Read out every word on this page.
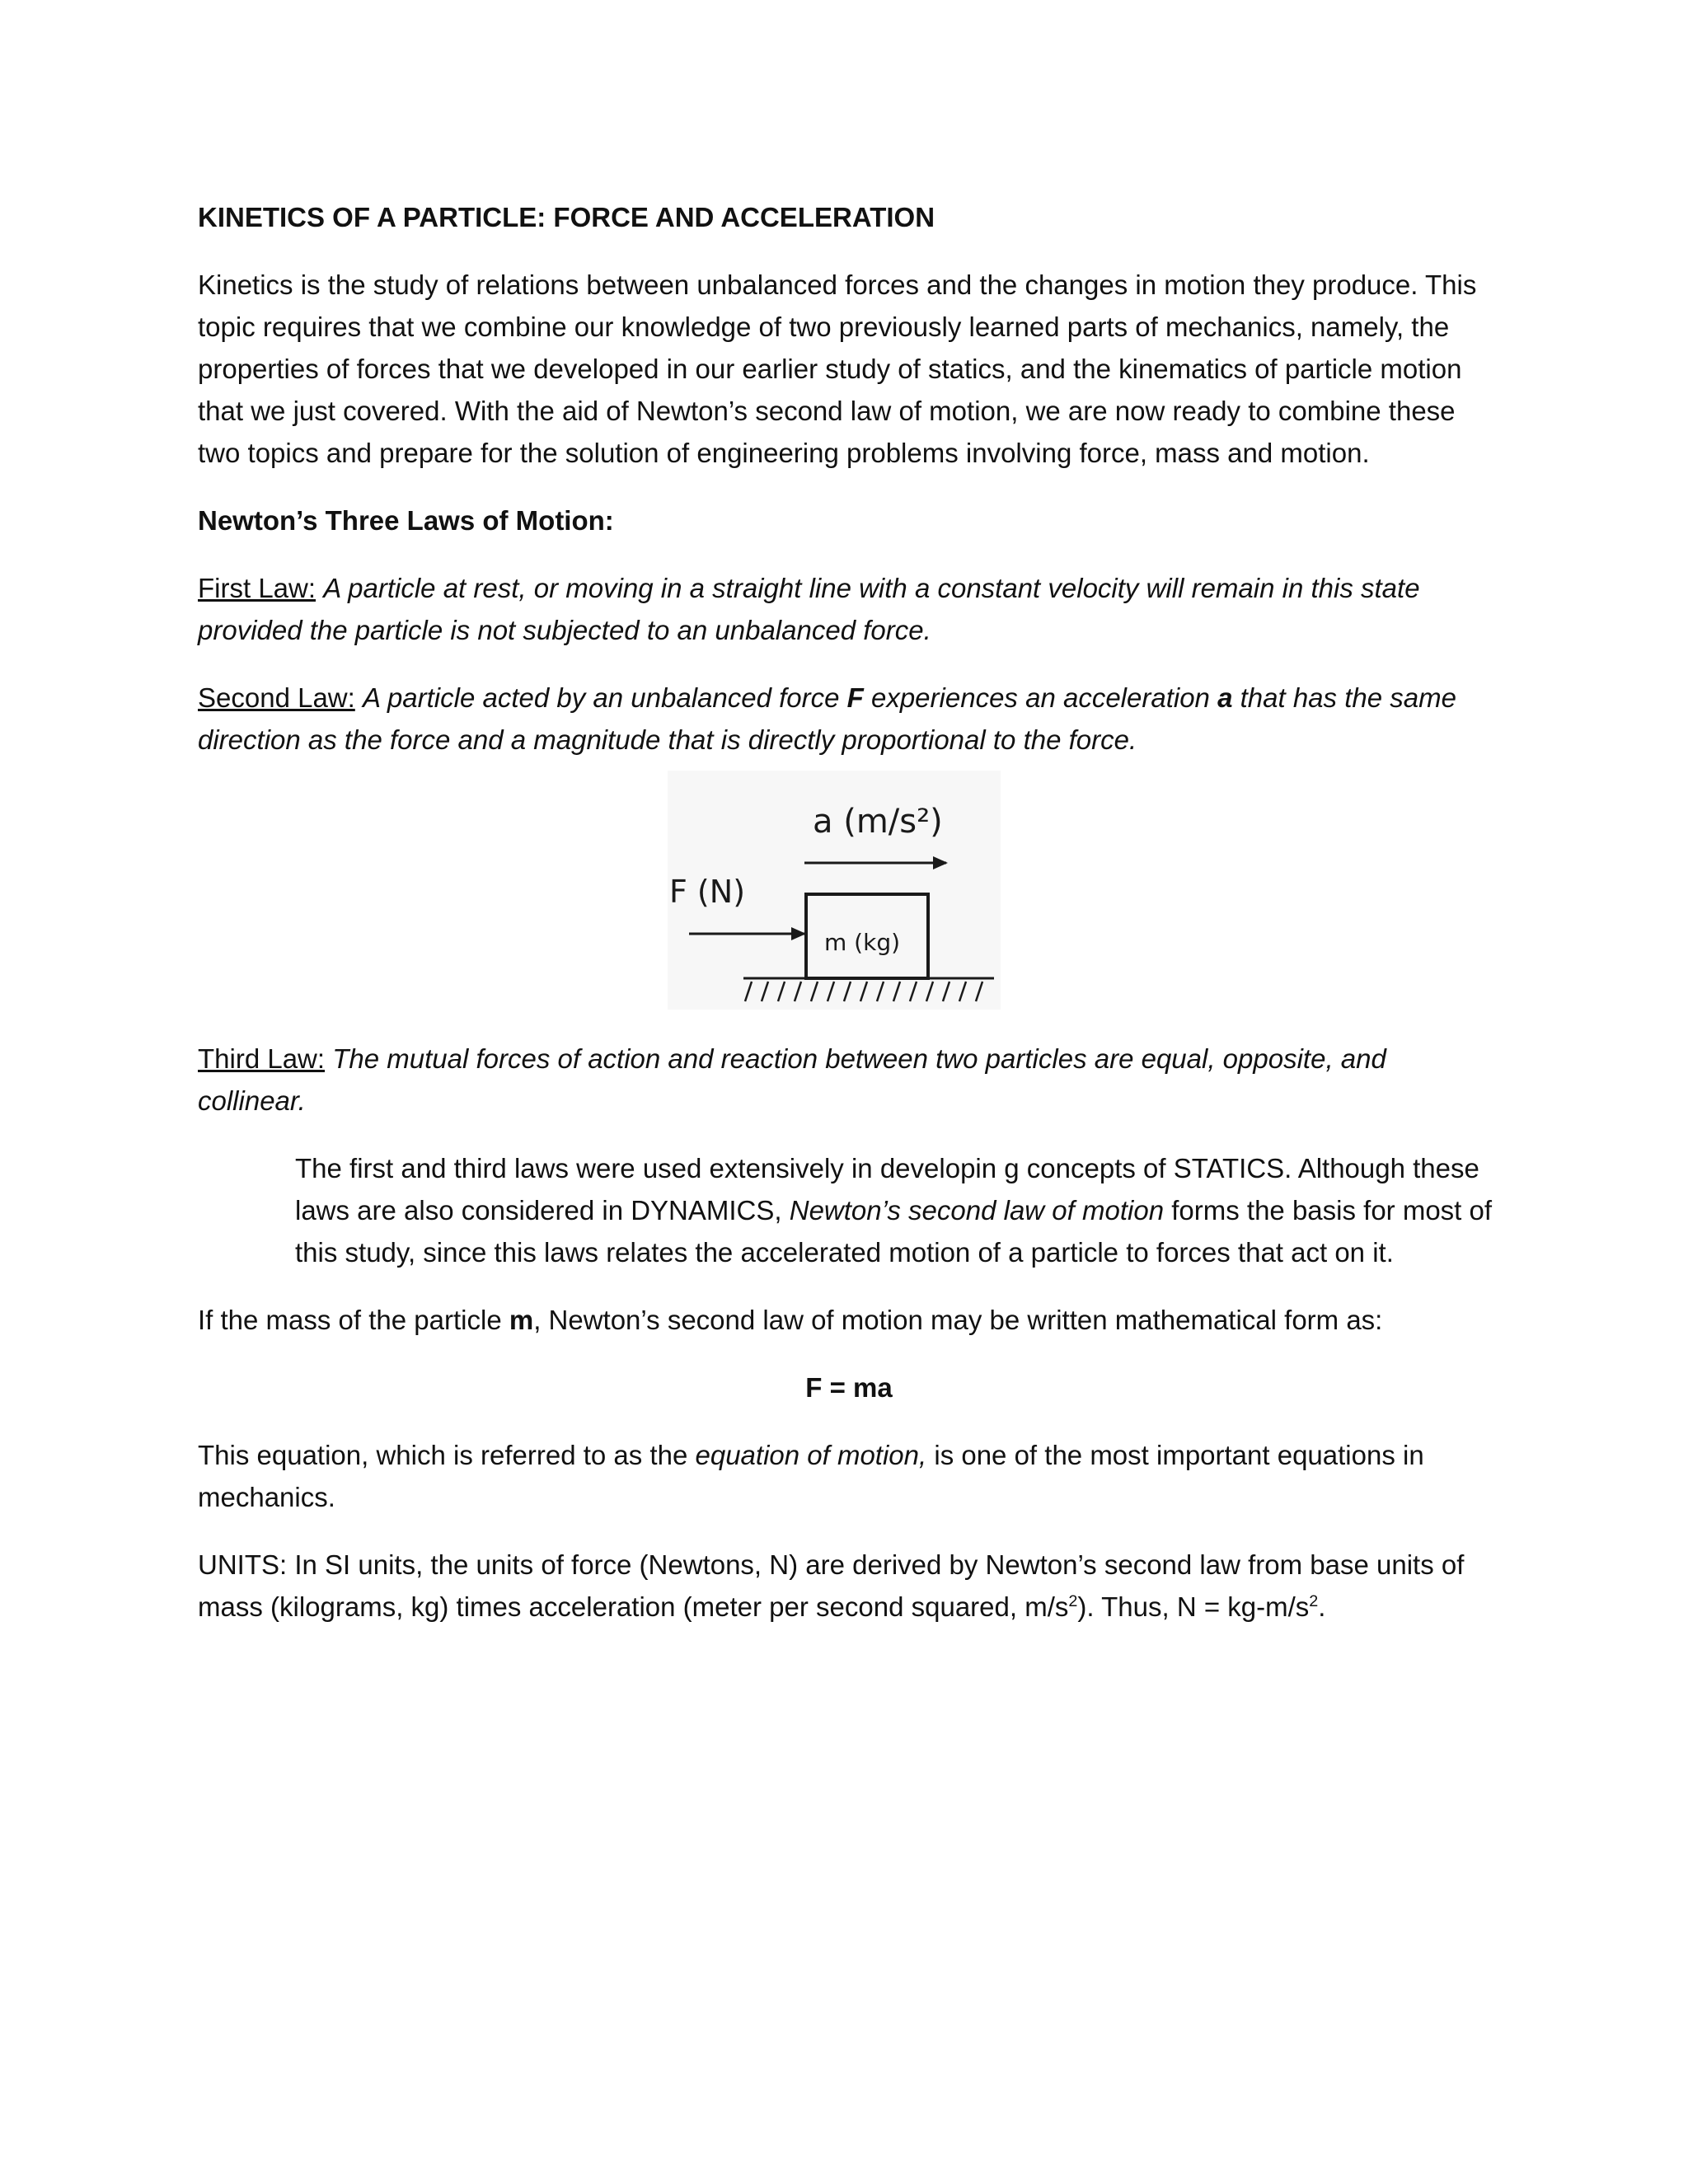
KINETICS OF A PARTICLE: FORCE AND ACCELERATION

Kinetics is the study of relations between unbalanced forces and the changes in motion they produce. This topic requires that we combine our knowledge of two previously learned parts of mechanics, namely, the properties of forces that we developed in our earlier study of statics, and the kinematics of particle motion that we just covered. With the aid of Newton’s second law of motion, we are now ready to combine these two topics and prepare for the solution of engineering problems involving force, mass and motion.

Newton’s Three Laws of Motion:

First Law: A particle at rest, or moving in a straight line with a constant velocity will remain in this state provided the particle is not subjected to an unbalanced force.

Second Law: A particle acted by an unbalanced force F experiences an acceleration a that has the same direction as the force and a magnitude that is directly proportional to the force.

a (m/s²)
F (N)
m (kg)

Third Law: The mutual forces of action and reaction between two particles are equal, opposite, and collinear.

The first and third laws were used extensively in developin g concepts of STATICS. Although these laws are also considered in DYNAMICS, Newton’s second law of motion forms the basis for most of this study, since this laws relates the accelerated motion of a particle to forces that act on it.

If the mass of the particle m, Newton’s second law of motion may be written mathematical form as:

F = ma

This equation, which is referred to as the equation of motion, is one of the most important equations in mechanics.

UNITS: In SI units, the units of force (Newtons, N) are derived by Newton’s second law from base units of mass (kilograms, kg) times acceleration (meter per second squared, $m/s^2$). Thus, $N = kg-m/s^2$.
